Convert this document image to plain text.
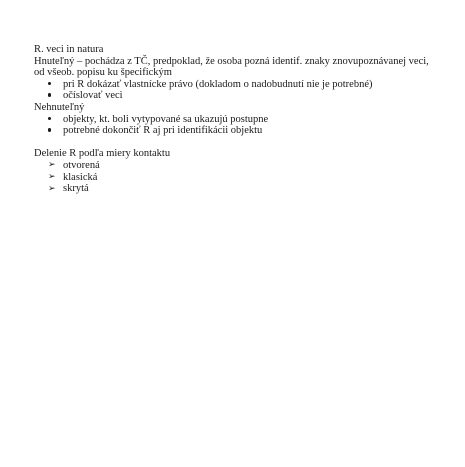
R. veci in natura

Hnuteľný – pochádza z TČ, predpoklad, že osoba pozná identif. znaky znovupoznávanej veci, od všeob. popisu ku špecifickým

pri R dokázať vlastnícke právo (dokladom o nadobudnutí nie je potrebné)
očíslovať veci

Nehnuteľný

objekty, kt. boli vytypované sa ukazujú postupne
potrebné dokončiť R aj pri identifikácii objektu

Delenie R podľa miery kontaktu

➢ otvorená
➢ klasická
➢ skrytá
